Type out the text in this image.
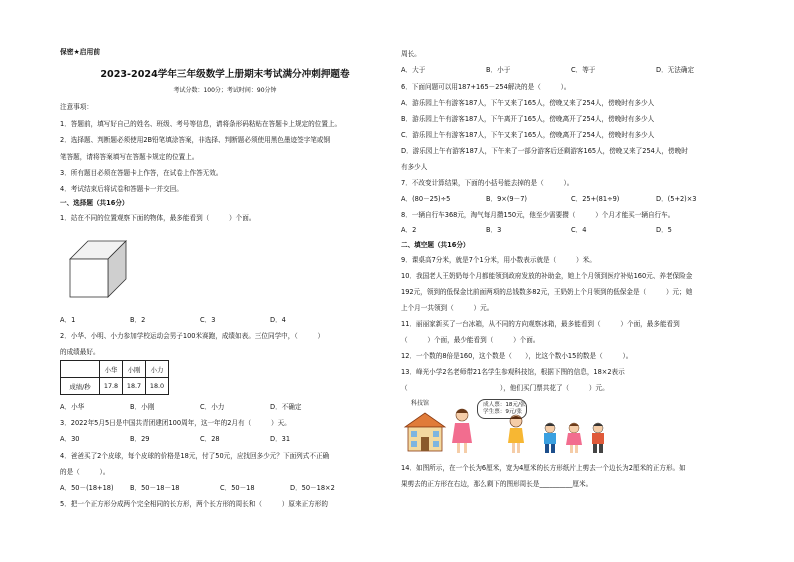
保密★启用前
2023-2024学年三年级数学上册期末考试满分冲刺押题卷
考试分数：100分；考试时间：90分钟
注意事项：
1．答题前，填写好自己的姓名、班级、考号等信息，请将条形码粘贴在答题卡上规定的位置上。
2．选择题、判断题必须使用2B铅笔填涂答案，非选择、判断题必须使用黑色墨迹签字笔或钢
笔答题，请将答案填写在答题卡规定的位置上。
3．所有题目必须在答题卡上作答，在试卷上作答无效。
4．考试结束后将试卷和答题卡一并交回。
一、选择题（共16分）
1．站在不同的位置观察下面的物体，最多能看到（　　　）个面。
A．1	B．2	C．3	D．4
2．小华、小明、小力参加学校运动会男子100米赛跑，成绩如表。三位同学中，（　　　）
的成绩最好。
	小华	小刚	小力
成绩/秒	17.8	18.7	18.0
A．小华	B．小刚	C．小力	D．不确定
3．2022年5月5日是中国共青团建团100周年，这一年的2月有（　　　）天。
A．30	B．29	C．28	D．31
4．爸爸买了2个皮球，每个皮球的价格是18元，付了50元，应找回多少元？下面列式不正确
的是（　　　）。
A．50－(18+18) B．50－18－18	C．50－18	D．50－18×2
5．把一个正方形分成两个完全相同的长方形，两个长方形的周长和（　　　）原来正方形的
周长。
A．大于	B．小于	C．等于	D．无法确定
6．下面问题可以用187+165－254解决的是（　　　）。
A．游乐园上午有游客187人，下午又来了165人，傍晚又来了254人，傍晚时有多少人
B．游乐园上午有游客187人，下午离开了165人，傍晚离开了254人，傍晚时有多少人
C．游乐园上午有游客187人，下午又来了165人，傍晚离开了254人，傍晚时有多少人
D．游乐园上午有游客187人，下午来了一部分游客后还剩游客165人，傍晚又来了254人，傍晚时
有多少人
7．不改变计算结果，下面的小括号能去掉的是（　　　）。
A．(80－25)÷5	B．9×(9－7)	C．25+(81÷9)	D．(5+2)×3
8．一辆自行车368元，淘气每月攒150元，他至少需要攒（　　　）个月才能买一辆自行车。
A．2	B．3	C．4	D．5
二、填空题（共16分）
9．课桌高7分米，就是7个1分米，用小数表示就是（　　　）米。
10．我国老人王奶奶每个月都能领到政府发放的补助金，她上个月领到医疗补贴160元、养老保险金
192元，领到的低保金比前面两项的总钱数多82元，王奶奶上个月领到的低保金是（　　　）元；她
上个月一共领到（　　　）元。
11．丽丽家新买了一台冰箱，从不同的方向观察冰箱，最多能看到（　　　）个面，最多能看到
（　　　）个面，最少能看到（　　　）个面。
12．一个数的8倍是160，这个数是（　　），比这个数小15的数是（　　　）。
13．峰光小学2名老师带21名学生参观科技馆，根据下图的信息，18×2表示
（　　　　　　　　　　　　　　），他们买门票共花了（　　　）元。
科技馆	成人票：18元/张
学生票：9元/张
14．如图所示，在一个长为6厘米，宽为4厘米的长方形纸片上剪去一个边长为2厘米的正方形。如
果剪去的正方形在右边，那么剩下的图形周长是__________厘米。
